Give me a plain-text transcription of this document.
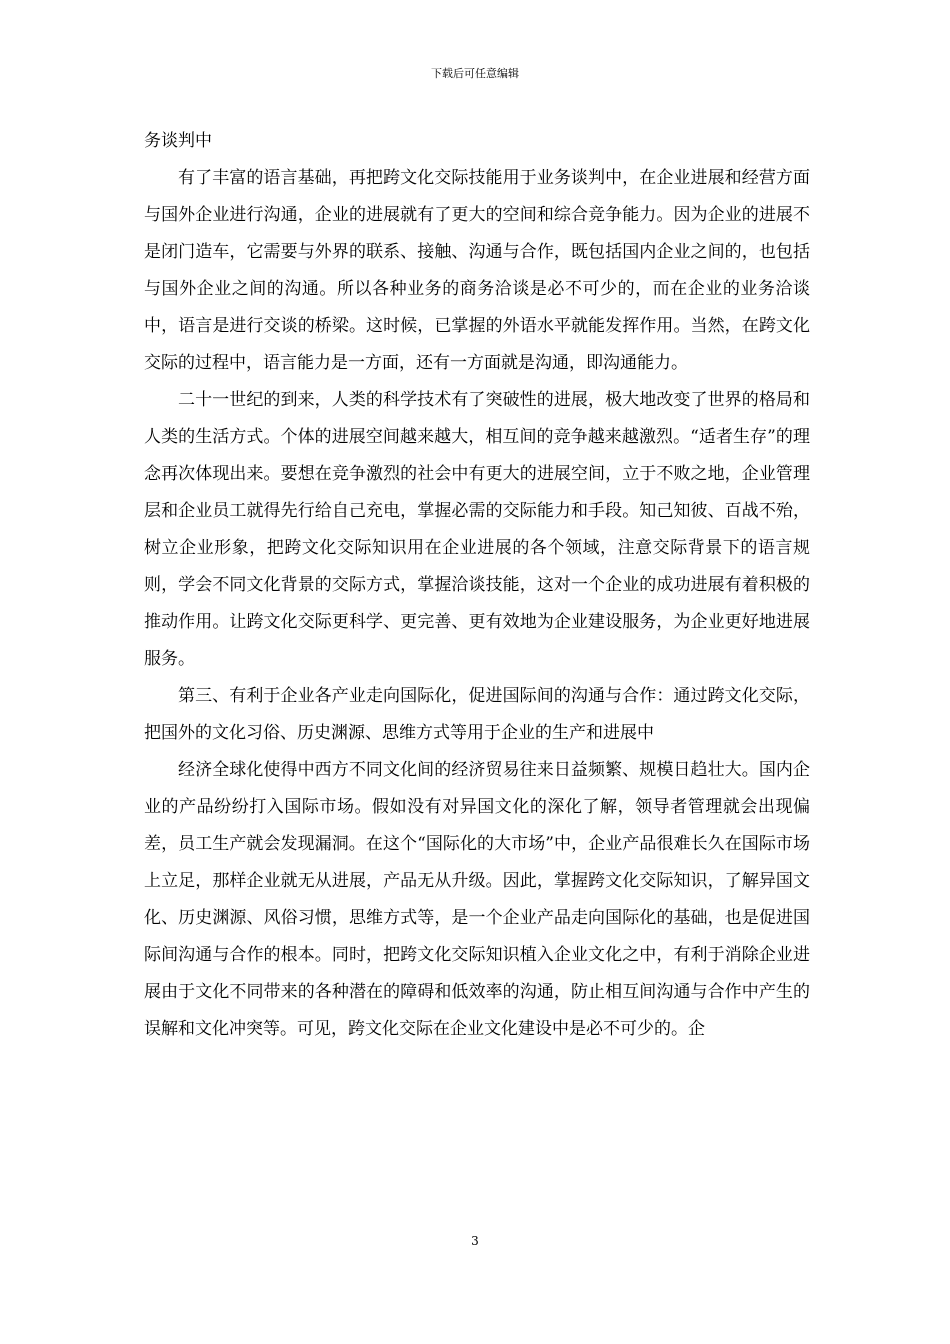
下载后可任意编辑

务谈判中

有了丰富的语言基础，再把跨文化交际技能用于业务谈判中，在企业进展和经营方面与国外企业进行沟通，企业的进展就有了更大的空间和综合竞争能力。因为企业的进展不是闭门造车，它需要与外界的联系、接触、沟通与合作，既包括国内企业之间的，也包括与国外企业之间的沟通。所以各种业务的商务洽谈是必不可少的，而在企业的业务洽谈中，语言是进行交谈的桥梁。这时候，已掌握的外语水平就能发挥作用。当然，在跨文化交际的过程中，语言能力是一方面，还有一方面就是沟通，即沟通能力。

二十一世纪的到来，人类的科学技术有了突破性的进展，极大地改变了世界的格局和人类的生活方式。个体的进展空间越来越大，相互间的竞争越来越激烈。“适者生存”的理念再次体现出来。要想在竞争激烈的社会中有更大的进展空间，立于不败之地，企业管理层和企业员工就得先行给自己充电，掌握必需的交际能力和手段。知己知彼、百战不殆，树立企业形象，把跨文化交际知识用在企业进展的各个领域，注意交际背景下的语言规则，学会不同文化背景的交际方式，掌握洽谈技能，这对一个企业的成功进展有着积极的推动作用。让跨文化交际更科学、更完善、更有效地为企业建设服务，为企业更好地进展服务。

第三、有利于企业各产业走向国际化，促进国际间的沟通与合作：通过跨文化交际，把国外的文化习俗、历史渊源、思维方式等用于企业的生产和进展中

经济全球化使得中西方不同文化间的经济贸易往来日益频繁、规模日趋壮大。国内企业的产品纷纷打入国际市场。假如没有对异国文化的深化了解，领导者管理就会出现偏差，员工生产就会发现漏洞。在这个“国际化的大市场”中，企业产品很难长久在国际市场上立足，那样企业就无从进展，产品无从升级。因此，掌握跨文化交际知识，了解异国文化、历史渊源、风俗习惯，思维方式等，是一个企业产品走向国际化的基础，也是促进国际间沟通与合作的根本。同时，把跨文化交际知识植入企业文化之中，有利于消除企业进展由于文化不同带来的各种潜在的障碍和低效率的沟通，防止相互间沟通与合作中产生的误解和文化冲突等。可见，跨文化交际在企业文化建设中是必不可少的。企

3
